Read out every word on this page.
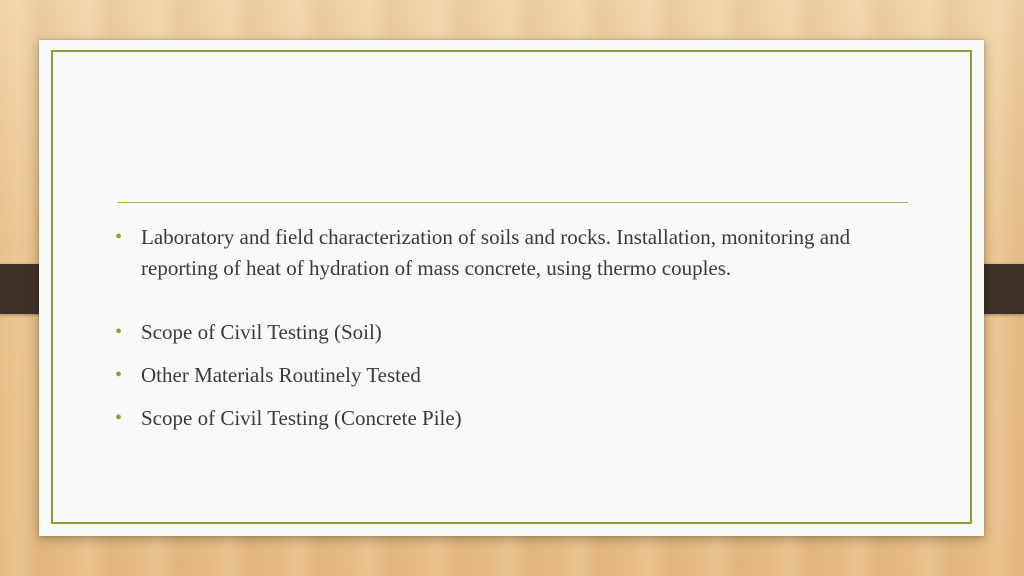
• Laboratory and field characterization of soils and rocks. Installation, monitoring and reporting of heat of hydration of mass concrete, using thermo couples.
• Scope of Civil Testing (Soil)
• Other Materials Routinely Tested
• Scope of Civil Testing (Concrete Pile)
